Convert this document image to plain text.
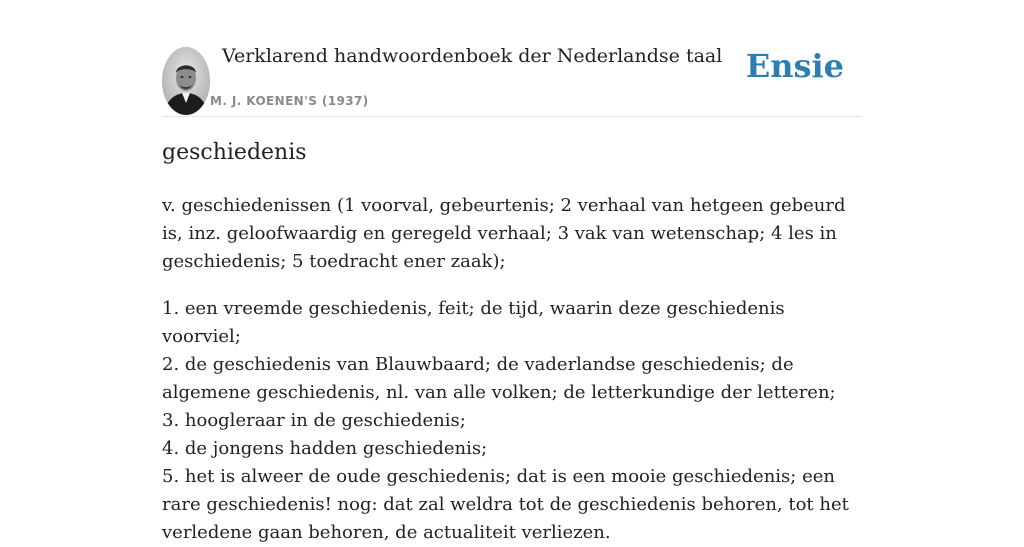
Verklarend handwoordenboek der Nederlandse taal
M. J. KOENEN'S (1937)
Ensie
geschiedenis

v. geschiedenissen (1 voorval, gebeurtenis; 2 verhaal van hetgeen gebeurd is, inz. geloofwaardig en geregeld verhaal; 3 vak van wetenschap; 4 les in geschiedenis; 5 toedracht ener zaak);

1. een vreemde geschiedenis, feit; de tijd, waarin deze geschiedenis voorviel;
2. de geschiedenis van Blauwbaard; de vaderlandse geschiedenis; de algemene geschiedenis, nl. van alle volken; de letterkundige der letteren;
3. hoogleraar in de geschiedenis;
4. de jongens hadden geschiedenis;
5. het is alweer de oude geschiedenis; dat is een mooie geschiedenis; een rare geschiedenis! nog: dat zal weldra tot de geschiedenis behoren, tot het verledene gaan behoren, de actualiteit verliezen.
